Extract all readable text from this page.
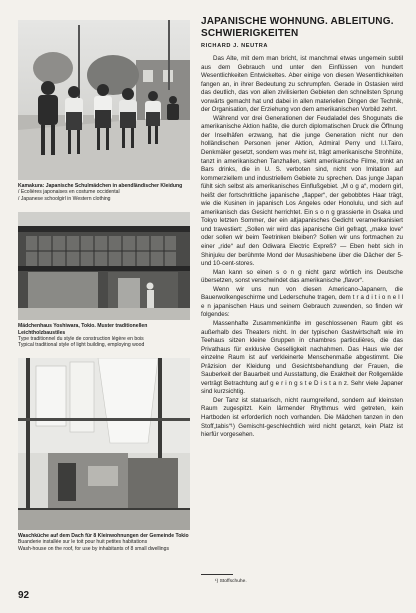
Kamakura: Japanische Schulmädchen in abendländischer Kleidung
/ Ecolières japonaises en costume occidental
/ Japanese schoolgirl in Western clothing
Mädchenhaus Yoshiwara, Tokio. Muster traditionellen Leichtholzbaustiles
Type traditionnel du style de construction légère en bois
Typical traditional style of light building, employing wood
Waschküche auf dem Dach für 8 Kleinwohnungen der Gemeinde Tokio
Buanderie installée sur le toit pour huit petites habitations
Wash-house on the roof, for use by inhabitants of 8 small dwellings
JAPANISCHE WOHNUNG. ABLEITUNG.
SCHWIERIGKEITEN
RICHARD J. NEUTRA

Das Alte, mit dem man bricht, ist manchmal etwas ungemein subtil aus dem Gebrauch und unter den Einflüssen von hundert Wesentlichkeiten Entwickeltes. Aber einige von diesen Wesentlichkeiten fangen an, in ihrer Bedeutung zu schrumpfen. Gerade in Ostasien wird das deutlich, das von allen zivilisierten Gebieten den schnellsten Sprung vorwärts gemacht hat und dabei in allen materiellen Dingen der Technik, der Organisation, der Erziehung von dem amerikanischen Vorbild zehrt.

Während vor drei Generationen der Feudaladel des Shogunats die amerikanische Aktion haßte, die durch diplomatischen Druck die Öffnung der Inselhäfen erzwang, hat die junge Generation nicht nur den holländischen Personen jener Aktion, Admiral Perry und I.I.Tairo, Denkmäler gesetzt, sondern was mehr ist, trägt amerikanische Strohhüte, tanzt in amerikanischen Tanzhallen, sieht amerikanische Filme, trinkt an Bars drinks, die in U. S. verboten sind, nicht von Imitation auf kommerziellem und industriellem Gebiete zu sprechen. Das junge Japan fühlt sich selbst als amerikanisches Einflußgebiet. „M o g a“, modern girl, heißt der fortschrittliche japanische „flapper“, der gebobbtes Haar trägt, wie die Kusinen in japanisch Los Angeles oder Honolulu, und sich auf amerikanisch das Gesicht herrichtet. Ein s o n g grassierte in Osaka und Tokyo letzten Sommer, der ein altjapanisches Gedicht veramerikanisiert und travestiert: „Sollen wir wird das japanische Girl gefragt, „make love“ oder sollen wir beim Teetrinken bleiben? Sollen wir uns fortmachen zu einer „ride“ auf den Odiwara Electric Expreß? — Eben hebt sich in Shinjuku der berühmte Mond der Musashiebene über die Dächer der 5- und 10-cent-stores.

Man kann so einen s o n g nicht ganz wörtlich ins Deutsche übersetzen, sonst verschwindet das amerikanische „flavor“.

Wenn wir uns nun von diesen Americano-Japanern, die Bauerwolkengeschirme und Lederschuhe tragen, dem t r a d i t i o n e l l e n japanischen Haus und seinem Gebrauch zuwenden, so finden wir folgendes:

Massenhafte Zusammenkünfte im geschlossenen Raum gibt es außerhalb des Theaters nicht. In der typischen Gastwirtschaft wie im Teehaus sitzen kleine Gruppen in chambres particulières, die das Privathaus für exklusive Geselligkeit nachahmen. Das Haus wie der einzelne Raum ist auf verkleinerte Menschenmaße abgestimmt. Die Präzision der Kleidung und Gesichtsbehandlung der Frauen, die Sauberkeit der Bauarbeit und Ausstattung, die Exaktheit der Rollgemälde verträgt Betrachtung auf g e r i n g s t e D i s t a n z. Sehr viele Japaner sind kurzsichtig.

Der Tanz ist statuarisch, nicht raumgreifend, sondern auf kleinsten Raum zugespitzt. Kein lärmender Rhythmus wird getreten, kein Hartboden ist erforderlich noch vorhanden. Die Mädchen tanzen in den Stoff„tabis“¹) Gemischt-geschlechtlich wird nicht getanzt, kein Platz ist hierfür vorgesehen.

¹) Stoffschuhe.
92
